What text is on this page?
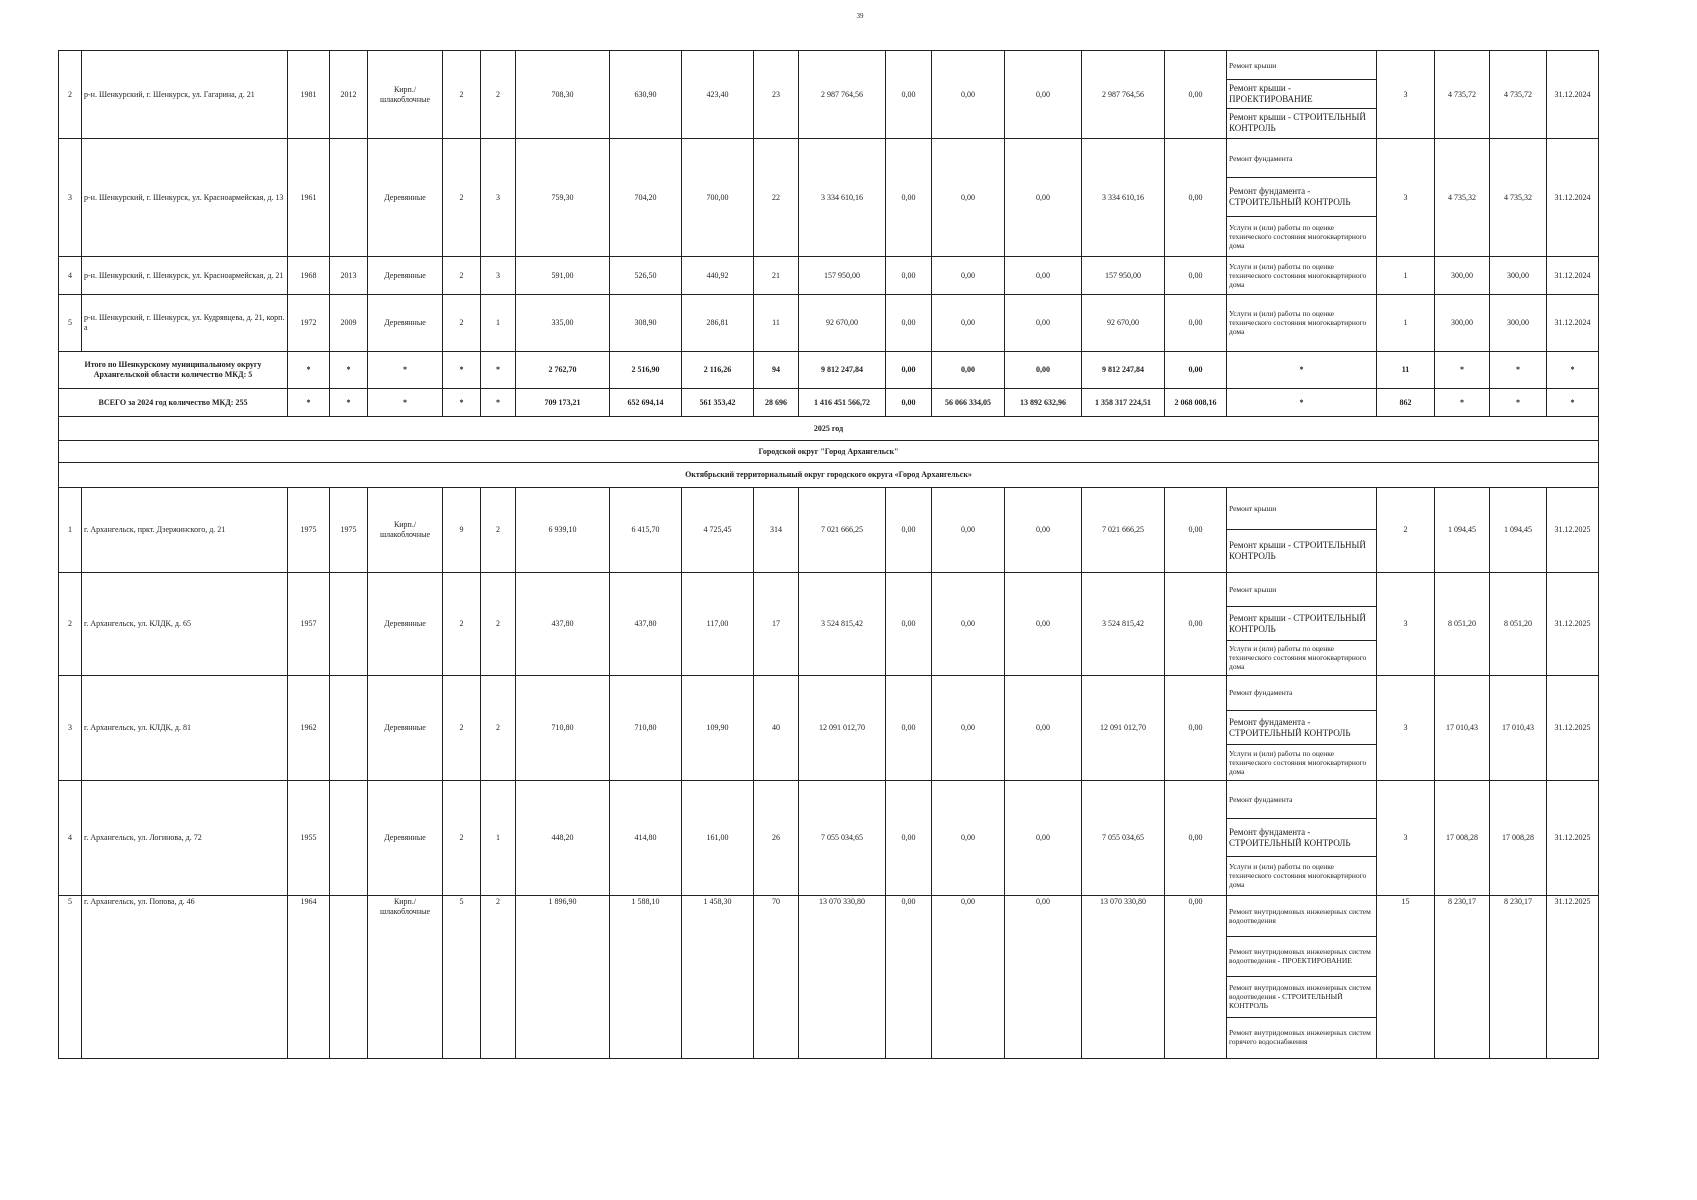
39
2	р-н. Шенкурский, г. Шенкурск, ул. Гагарина, д. 21	1981	2012	Кирп./ шлакоблочные	2	2	708,30	630,90	423,40	23	2 987 764,56	0,00	0,00	0,00	2 987 764,56	0,00	Ремонт крыши
Ремонт крыши - ПРОЕКТИРОВАНИЕ
Ремонт крыши - СТРОИТЕЛЬНЫЙ КОНТРОЛЬ	3	4 735,72	4 735,72	31.12.2024
3	р-н. Шенкурский, г. Шенкурск, ул. Красноармейская, д. 13	1961		Деревянные	2	3	759,30	704,20	700,00	22	3 334 610,16	0,00	0,00	0,00	3 334 610,16	0,00	Ремонт фундамента
Ремонт фундамента - СТРОИТЕЛЬНЫЙ КОНТРОЛЬ
Услуги и (или) работы по оценке технического состояния многоквартирного дома	3	4 735,32	4 735,32	31.12.2024
4	р-н. Шенкурский, г. Шенкурск, ул. Красноармейская, д. 21	1968	2013	Деревянные	2	3	591,00	526,50	440,92	21	157 950,00	0,00	0,00	0,00	157 950,00	0,00	Услуги и (или) работы по оценке технического состояния многоквартирного дома	1	300,00	300,00	31.12.2024
5	р-н. Шенкурский, г. Шенкурск, ул. Кудрявцева, д. 21, корп. а	1972	2009	Деревянные	2	1	335,00	308,90	286,81	11	92 670,00	0,00	0,00	0,00	92 670,00	0,00	Услуги и (или) работы по оценке технического состояния многоквартирного дома	1	300,00	300,00	31.12.2024
Итого по Шенкурскому муниципальному округу Архангельской области количество МКД: 5		*	*	*	*	*	2 762,70	2 516,90	2 116,26	94	9 812 247,84	0,00	0,00	0,00	9 812 247,84	0,00	*	11	*	*	*
ВСЕГО за 2024 год количество МКД: 255		*	*	*	*	*	709 173,21	652 694,14	561 353,42	28 696	1 416 451 566,72	0,00	56 066 334,05	13 892 632,96	1 358 317 224,51	2 068 008,16	*	862	*	*	*
2025 год																					
Городской округ "Город Архангельск"																					
Октябрьский территориальный округ городского округа «Город Архангельск»																					
1	г. Архангельск, пркт. Дзержинского, д. 21	1975	1975	Кирп./ шлакоблочные	9	2	6 939,10	6 415,70	4 725,45	314	7 021 666,25	0,00	0,00	0,00	7 021 666,25	0,00	Ремонт крыши
Ремонт крыши - СТРОИТЕЛЬНЫЙ КОНТРОЛЬ	2	1 094,45	1 094,45	31.12.2025
2	г. Архангельск, ул. КЛДК, д. 65	1957		Деревянные	2	2	437,80	437,80	117,00	17	3 524 815,42	0,00	0,00	0,00	3 524 815,42	0,00	Ремонт крыши
Ремонт крыши - СТРОИТЕЛЬНЫЙ КОНТРОЛЬ
Услуги и (или) работы по оценке технического состояния многоквартирного дома	3	8 051,20	8 051,20	31.12.2025
3	г. Архангельск, ул. КЛДК, д. 81	1962		Деревянные	2	2	710,80	710,80	109,90	40	12 091 012,70	0,00	0,00	0,00	12 091 012,70	0,00	Ремонт фундамента
Ремонт фундамента - СТРОИТЕЛЬНЫЙ КОНТРОЛЬ
Услуги и (или) работы по оценке технического состояния многоквартирного дома	3	17 010,43	17 010,43	31.12.2025
4	г. Архангельск, ул. Логинова, д. 72	1955		Деревянные	2	1	448,20	414,80	161,00	26	7 055 034,65	0,00	0,00	0,00	7 055 034,65	0,00	Ремонт фундамента
Ремонт фундамента - СТРОИТЕЛЬНЫЙ КОНТРОЛЬ
Услуги и (или) работы по оценке технического состояния многоквартирного дома	3	17 008,28	17 008,28	31.12.2025
5	г. Архангельск, ул. Попова, д. 46	1964		Кирп./ шлакоблочные	5	2	1 896,90	1 588,10	1 458,30	70	13 070 330,80	0,00	0,00	0,00	13 070 330,80	0,00	Ремонт внутридомовых инженерных систем водоотведения
Ремонт внутридомовых инженерных систем водоотведения - ПРОЕКТИРОВАНИЕ
Ремонт внутридомовых инженерных систем водоотведения - СТРОИТЕЛЬНЫЙ КОНТРОЛЬ
Ремонт внутридомовых инженерных систем горячего водоснабжения	15	8 230,17	8 230,17	31.12.2025
